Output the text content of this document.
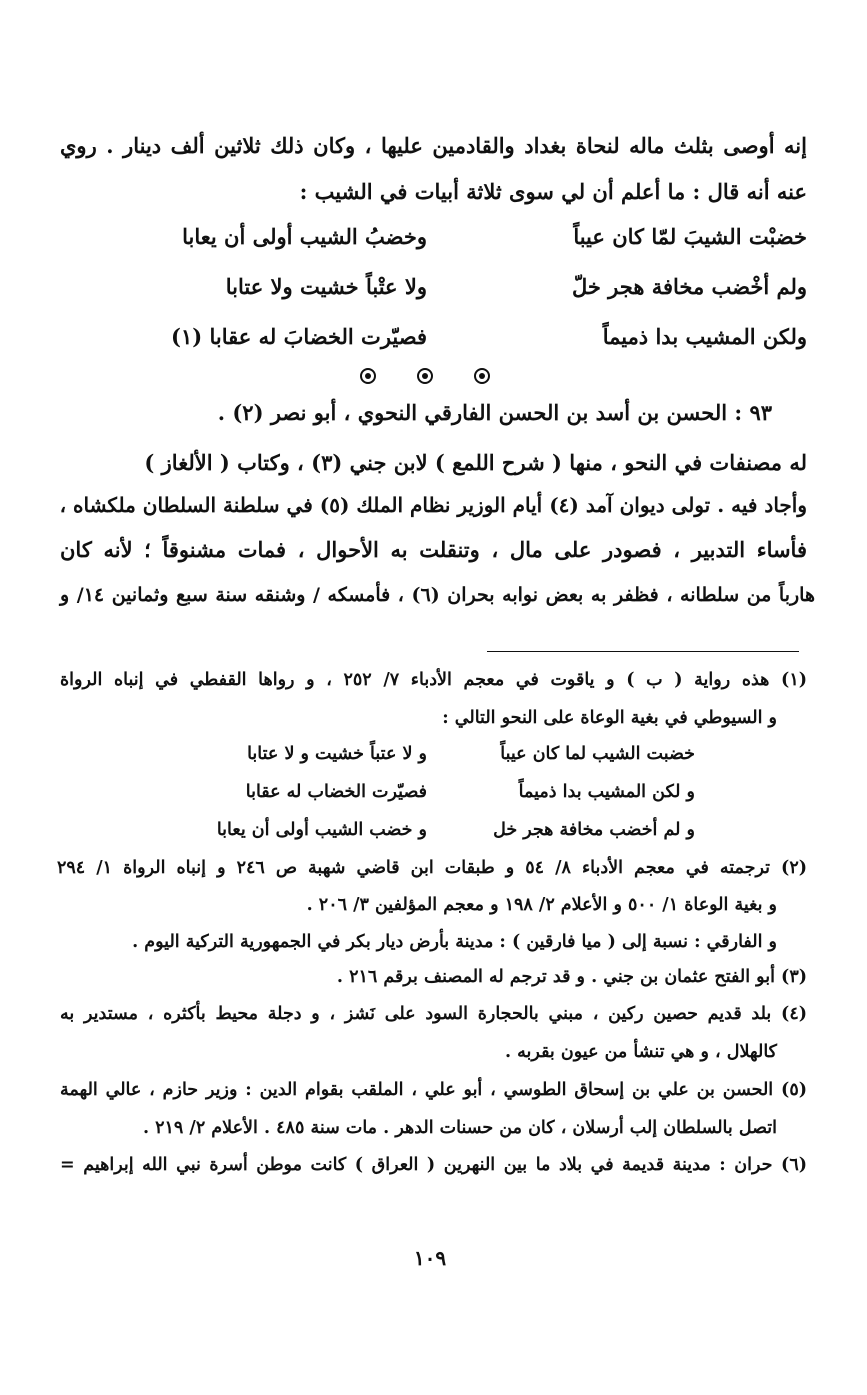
إنه أوصى بثلث ماله لنحاة بغداد والقادمين عليها ، وكان ذلك ثلاثين ألف دينار . روي
عنه أنه قال : ما أعلم أن لي سوى ثلاثة أبيات في الشيب :
خضبْت الشيبَ لمّا كان عيباً
وخضبُ الشيب أولى أن يعابا
ولم أخْضب مخافة هجر خلّ
ولا عتْباً خشيت ولا عتابا
ولكن المشيب بدا ذميماً
فصيّرت الخضابَ له عقابا (١)
٩٣ : الحسن بن أسد بن الحسن الفارقي النحوي ، أبو نصر (٢) .
له مصنفات في النحو ، منها ( شرح اللمع ) لابن جني (٣) ، وكتاب ( الألغاز )
وأجاد فيه . تولى ديوان آمد (٤) أيام الوزير نظام الملك (٥) في سلطنة السلطان ملكشاه ،
فأساء التدبير ، فصودر على مال ، وتنقلت به الأحوال ، فمات مشنوقاً ؛ لأنه كان
هارباً من سلطانه ، فظفر به بعض نوابه بحران (٦) ، فأمسكه / وشنقه سنة سبع وثمانين ١٤/ و
(١) هذه رواية ( ب ) و ياقوت في معجم الأدباء ٧/ ٢٥٢ ، و رواها القفطي في إنباه الرواة
و السيوطي في بغية الوعاة على النحو التالي :
خضبت الشيب لما كان عيباً
و لا عتباً خشيت و لا عتابا
و لكن المشيب بدا ذميماً
فصيّرت الخضاب له عقابا
و لم أخضب مخافة هجر خل
و خضب الشيب أولى أن يعابا
(٢) ترجمته في معجم الأدباء ٨/ ٥٤ و طبقات ابن قاضي شهبة ص ٢٤٦ و إنباه الرواة ١/ ٢٩٤
و بغية الوعاة ١/ ٥٠٠ و الأعلام ٢/ ١٩٨ و معجم المؤلفين ٣/ ٢٠٦ .
و الفارقي : نسبة إلى ( ميا فارقين ) : مدينة بأرض ديار بكر في الجمهورية التركية اليوم .
(٣) أبو الفتح عثمان بن جني . و قد ترجم له المصنف برقم ٢١٦ .
(٤) بلد قديم حصين ركين ، مبني بالحجارة السود على نَشز ، و دجلة محيط بأكثره ، مستدير به
كالهلال ، و هي تنشأ من عيون بقربه .
(٥) الحسن بن علي بن إسحاق الطوسي ، أبو علي ، الملقب بقوام الدين : وزير حازم ، عالي الهمة
اتصل بالسلطان إلب أرسلان ، كان من حسنات الدهر . مات سنة ٤٨٥ . الأعلام ٢/ ٢١٩ .
(٦) حران : مدينة قديمة في بلاد ما بين النهرين ( العراق ) كانت موطن أسرة نبي الله إبراهيم =
١٠٩
